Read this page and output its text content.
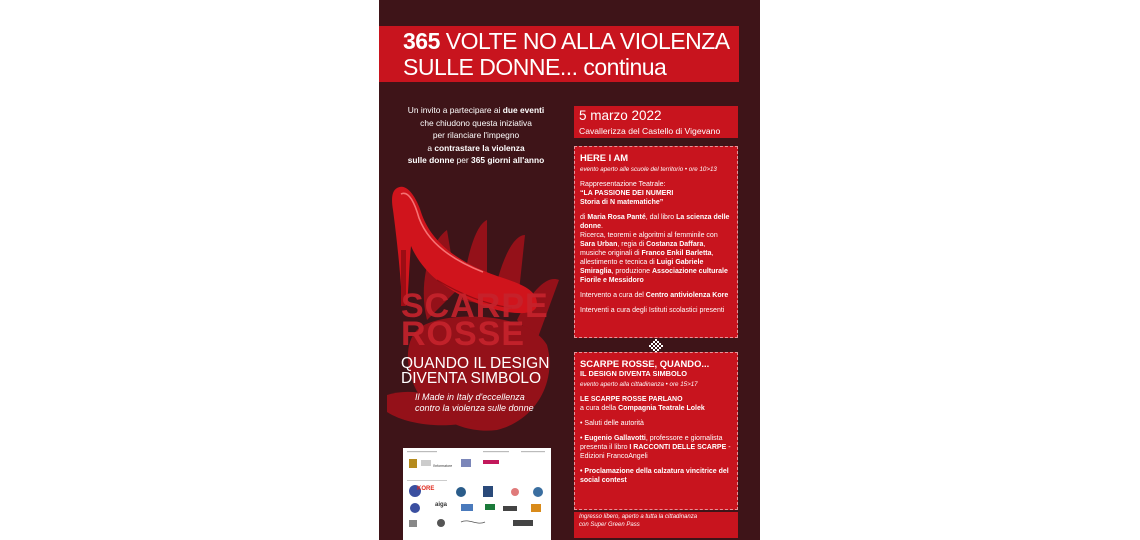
365 VOLTE NO ALLA VIOLENZA
SULLE DONNE... continua
Un invito a partecipare ai due eventi
che chiudono questa iniziativa
per rilanciare l'impegno
a contrastare la violenza
sulle donne per 365 giorni all'anno
SCARPE
ROSSE
QUANDO IL DESIGN
DIVENTA SIMBOLO
Il Made in Italy d'eccellenza
contro la violenza sulle donne
l'informatore
KORE
aiga
5 marzo 2022
Cavallerizza del Castello di Vigevano

HERE I AM

evento aperto alle scuole del territorio • ore 10>13

Rappresentazione Teatrale:

“LA PASSIONE DEI NUMERI

Storia di N matematiche”

di Maria Rosa Panté, dal libro La scienza delle donne.

Ricerca, teoremi e algoritmi al femminile con Sara Urban, regia di Costanza Daffara, musiche originali di Franco Enkil Barletta, allestimento e tecnica di Luigi Gabriele Smiraglia, produzione Associazione culturale Fiorile e Messidoro

Intervento a cura del Centro antiviolenza Kore

Interventi a cura degli Istituti scolastici presenti

SCARPE ROSSE, QUANDO...

IL DESIGN DIVENTA SIMBOLO

evento aperto alla cittadinanza • ore 15>17

LE SCARPE ROSSE PARLANO

a cura della Compagnia Teatrale Lolek

• Saluti delle autorità

• Eugenio Gallavotti, professore e giornalista presenta il libro I RACCONTI DELLE SCARPE - Edizioni FrancoAngeli

• Proclamazione della calzatura vincitrice del social contest

Ingresso libero, aperto a tutta la cittadinanza
con Super Green Pass
